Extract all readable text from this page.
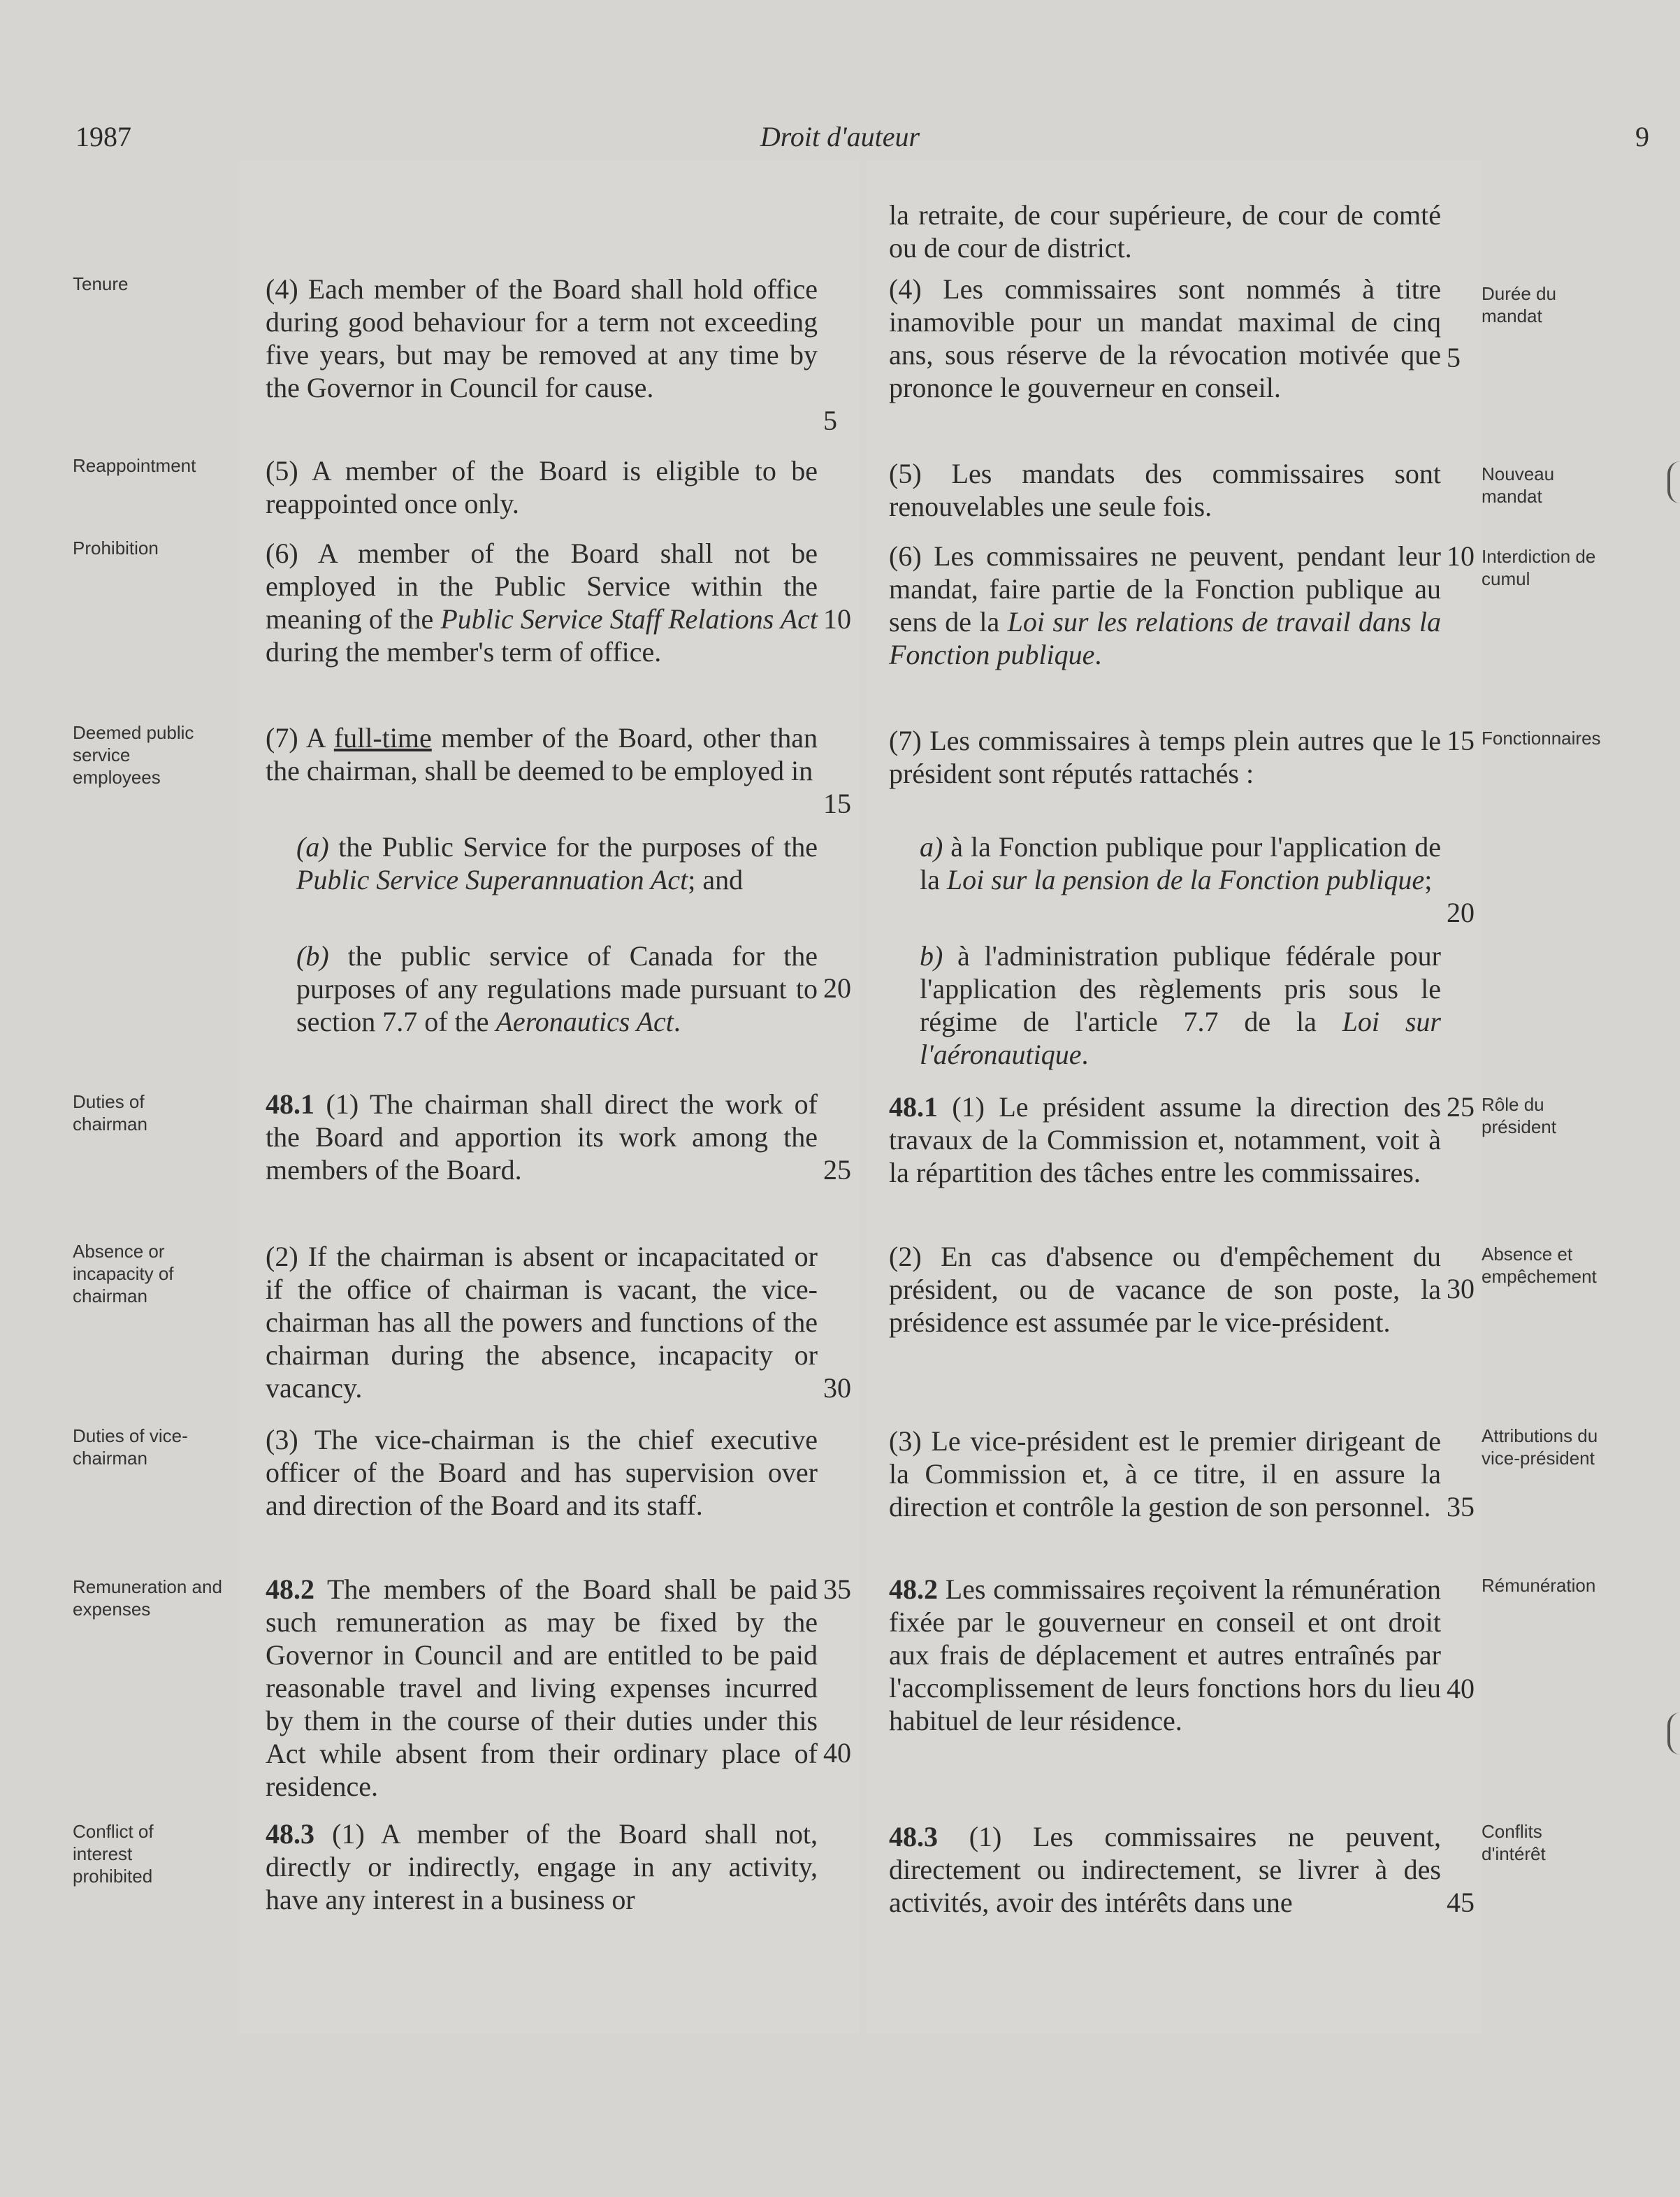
1987	Droit d'auteur	9
Tenure
Reappointment
Prohibition
Deemed public service employees
Duties of chairman
Absence or incapacity of chairman
Duties of vice-chairman
Remuneration and expenses
Conflict of interest prohibited
Durée du mandat
Nouveau mandat
Interdiction de cumul
Fonctionnaires
Rôle du président
Absence et empêchement
Attributions du vice-président
Rémunération
Conflits d'intérêt
(4) Each member of the Board shall hold office during good behaviour for a term not exceeding five years, but may be removed at any time by the Governor in Council for cause.
(5) A member of the Board is eligible to be reappointed once only.
(6) A member of the Board shall not be employed in the Public Service within the meaning of the Public Service Staff Relations Act during the member's term of office.
(7) A full-time member of the Board, other than the chairman, shall be deemed to be employed in
(a) the Public Service for the purposes of the Public Service Superannuation Act; and
(b) the public service of Canada for the purposes of any regulations made pursuant to section 7.7 of the Aeronautics Act.
48.1 (1) The chairman shall direct the work of the Board and apportion its work among the members of the Board.
(2) If the chairman is absent or incapacitated or if the office of chairman is vacant, the vice-chairman has all the powers and functions of the chairman during the absence, incapacity or vacancy.
(3) The vice-chairman is the chief executive officer of the Board and has supervision over and direction of the Board and its staff.
48.2 The members of the Board shall be paid such remuneration as may be fixed by the Governor in Council and are entitled to be paid reasonable travel and living expenses incurred by them in the course of their duties under this Act while absent from their ordinary place of residence.
48.3 (1) A member of the Board shall not, directly or indirectly, engage in any activity, have any interest in a business or
5
10
15
20
25
30
35
40
la retraite, de cour supérieure, de cour de comté ou de cour de district.
(4) Les commissaires sont nommés à titre inamovible pour un mandat maximal de cinq ans, sous réserve de la révocation motivée que prononce le gouverneur en conseil.
(5) Les mandats des commissaires sont renouvelables une seule fois.
(6) Les commissaires ne peuvent, pendant leur mandat, faire partie de la Fonction publique au sens de la Loi sur les relations de travail dans la Fonction publique.
(7) Les commissaires à temps plein autres que le président sont réputés rattachés :
a) à la Fonction publique pour l'application de la Loi sur la pension de la Fonction publique;
b) à l'administration publique fédérale pour l'application des règlements pris sous le régime de l'article 7.7 de la Loi sur l'aéronautique.
48.1 (1) Le président assume la direction des travaux de la Commission et, notamment, voit à la répartition des tâches entre les commissaires.
(2) En cas d'absence ou d'empêchement du président, ou de vacance de son poste, la présidence est assumée par le vice-président.
(3) Le vice-président est le premier dirigeant de la Commission et, à ce titre, il en assure la direction et contrôle la gestion de son personnel.
48.2 Les commissaires reçoivent la rémunération fixée par le gouverneur en conseil et ont droit aux frais de déplacement et autres entraînés par l'accomplissement de leurs fonctions hors du lieu habituel de leur résidence.
48.3 (1) Les commissaires ne peuvent, directement ou indirectement, se livrer à des activités, avoir des intérêts dans une
5
10
15
20
25
30
35
40
45
